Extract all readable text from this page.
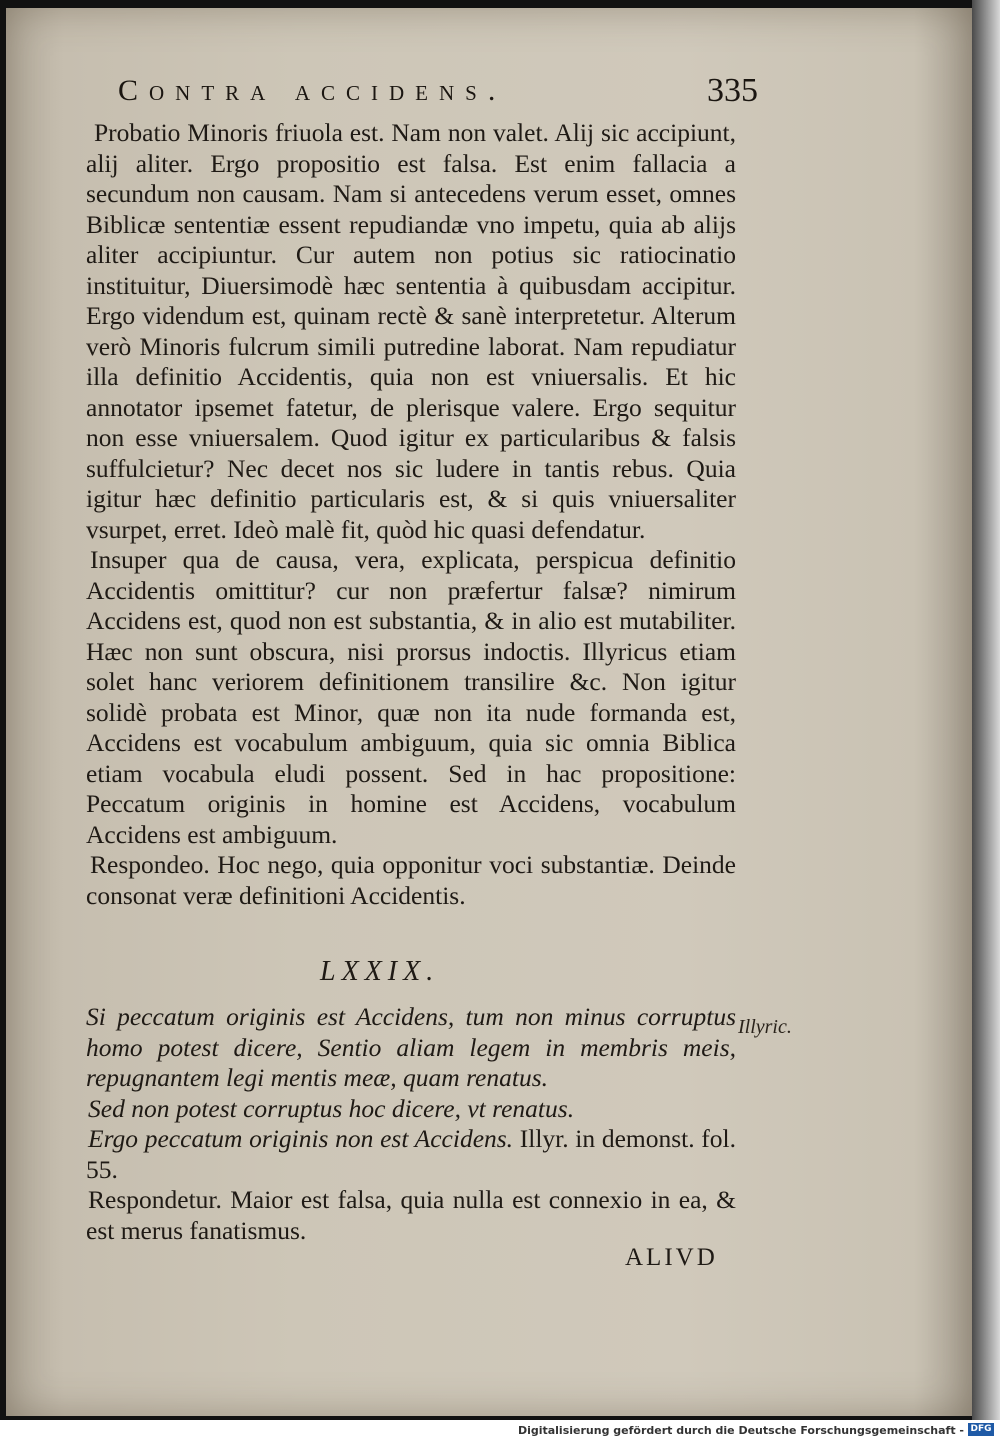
Contra accidens.	335

Probatio Minoris friuola est. Nam non valet. Alij sic accipiunt, alij aliter. Ergo propositio est falsa. Est enim fallacia a secundum non causam. Nam si antecedens verum esset, omnes Biblicæ sententiæ essent repudiandæ vno impetu, quia ab alijs aliter accipiuntur. Cur autem non potius sic ratiocinatio instituitur, Diuersimodè hæc sententia à quibusdam accipitur. Ergo videndum est, quinam rectè & sanè interpretetur. Alterum verò Minoris fulcrum simili putredine laborat. Nam repudiatur illa definitio Accidentis, quia non est vniuersalis. Et hic annotator ipsemet fatetur, de plerisque valere. Ergo sequitur non esse vniuersalem. Quod igitur ex particularibus & falsis suffulcietur? Nec decet nos sic ludere in tantis rebus. Quia igitur hæc definitio particularis est, & si quis vniuersaliter vsurpet, erret. Ideò malè fit, quòd hic quasi defendatur.

Insuper qua de causa, vera, explicata, perspicua definitio Accidentis omittitur? cur non præfertur falsæ? nimirum Accidens est, quod non est substantia, & in alio est mutabiliter. Hæc non sunt obscura, nisi prorsus indoctis. Illyricus etiam solet hanc veriorem definitionem transilire &c. Non igitur solidè probata est Minor, quæ non ita nude formanda est, Accidens est vocabulum ambiguum, quia sic omnia Biblica etiam vocabula eludi possent. Sed in hac propositione: Peccatum originis in homine est Accidens, vocabulum Accidens est ambiguum.

Respondeo. Hoc nego, quia opponitur voci substantiæ. Deinde consonat veræ definitioni Accidentis.

LXXIX.

Si peccatum originis est Accidens, tum non minus corruptus homo potest dicere, Sentio aliam legem in membris meis, repugnantem legi mentis meæ, quam renatus.

Sed non potest corruptus hoc dicere, vt renatus.

Ergo peccatum originis non est Accidens. Illyr. in demonst. fol. 55.

Respondetur. Maior est falsa, quia nulla est connexio in ea, & est merus fanatismus.

Illyric.
ALIVD
Digitalisierung gefördert durch die Deutsche Forschungsgemeinschaft - DFG
